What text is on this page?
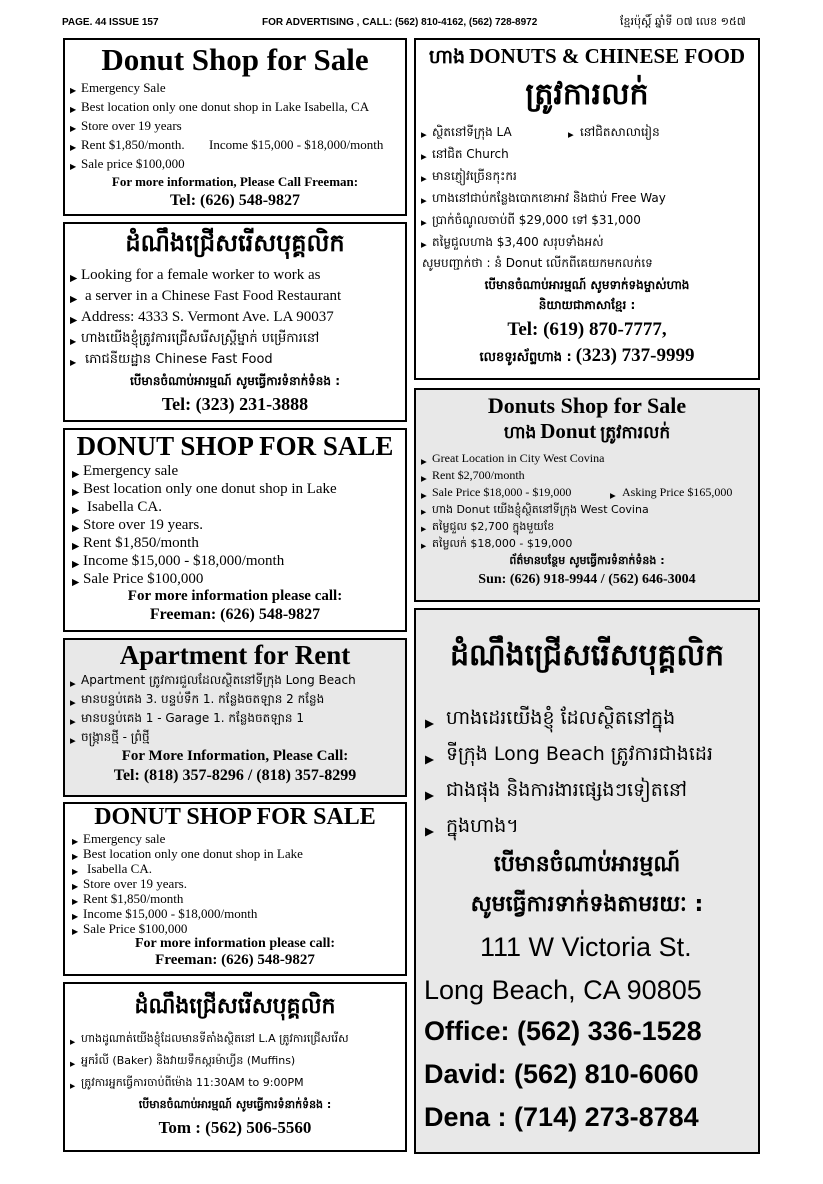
PAGE. 44 ISSUE 157	FOR ADVERTISING , CALL: (562) 810-4162, (562) 728-8972	ខ្មែរប៉ុស្ដិ៍ ឆ្នាំទី ០៧ លេខ ១៥៧
Donut Shop for Sale
▶ Emergency Sale
▶ Best location only one donut shop in Lake Isabella, CA
▶ Store over 19 years
▶ Rent $1,850/month. Income $15,000 - $18,000/month
▶ Sale price $100,000
For more information, Please Call Freeman:
Tel: (626) 548-9827
ដំណឹងជ្រើសរើសបុគ្គលិក
▶ Looking for a female worker to work as
▶ a server in a Chinese Fast Food Restaurant
▶ Address: 4333 S. Vermont Ave. LA 90037
▶ ហាងយើងខ្ញុំត្រូវការជ្រើសរើសស្ត្រីម្នាក់ បម្រើការនៅ
▶ ភោជនីយដ្ឋាន Chinese Fast Food
បើមានចំណាប់អារម្មណ៍ សូមធ្វើការទំនាក់ទំនង :
Tel: (323) 231-3888
DONUT SHOP FOR SALE
▶ Emergency sale
▶ Best location only one donut shop in Lake
▶ Isabella CA.
▶ Store over 19 years.
▶ Rent $1,850/month
▶ Income $15,000 - $18,000/month
▶ Sale Price $100,000
For more information please call:
Freeman: (626) 548-9827
Apartment for Rent
▶ Apartment ត្រូវការជួលដែលស្ថិតនៅទីក្រុង Long Beach
▶ មានបន្ទប់គេង 3. បន្ទប់ទឹក 1. កន្លែងចតឡាន 2 កន្លែង
▶ មានបន្ទប់គេង 1 - Garage 1. កន្លែងចតឡាន 1
▶ ចង្ក្រានថ្មី - ព្រំថ្មី
For More Information, Please Call:
Tel: (818) 357-8296 / (818) 357-8299
DONUT SHOP FOR SALE
▶ Emergency sale
▶ Best location only one donut shop in Lake
▶ Isabella CA.
▶ Store over 19 years.
▶ Rent $1,850/month
▶ Income $15,000 - $18,000/month
▶ Sale Price $100,000
For more information please call:
Freeman: (626) 548-9827
ដំណឹងជ្រើសរើសបុគ្គលិក
▶ ហាងដូណាត់យើងខ្ញុំដែលមានទីតាំងស្ថិតនៅ L.A ត្រូវការជ្រើសរើស
▶ អ្នករំលី (Baker) និងវាយទឹកស្ករម៉ាហ្វីន (Muffins)
▶ ត្រូវការអ្នកធ្វើការចាប់ពីម៉ោង 11:30AM to 9:00PM
បើមានចំណាប់អារម្មណ៍ សូមធ្វើការទំនាក់ទំនង :
Tom : (562) 506-5560
ហាង DONUTS & CHINESE FOOD
ត្រូវការលក់
▶ ស្ថិតនៅទីក្រុង LA	▶ នៅជិតសាលារៀន
▶ នៅជិត Church
▶ មានភ្ញៀវច្រើនកុះករ
▶ ហាងនៅជាប់កន្លែងបោកខោអាវ និងជាប់ Free Way
▶ ប្រាក់ចំណូលចាប់ពី $29,000 ទៅ $31,000
▶ តម្លៃជួលហាង $3,400 សរុបទាំងអស់
សូមបញ្ជាក់ថា : នំ Donut លើកពីគេយកមកលក់ទេ
បើមានចំណាប់អារម្មណ៍ សូមទាក់ទងម្ចាស់ហាង
និយាយជាភាសាខ្មែរ :
Tel: (619) 870-7777,
លេខទូរស័ព្ទហាង : (323) 737-9999
Donuts Shop for Sale
ហាង Donut ត្រូវការលក់
▶ Great Location in City West Covina
▶ Rent $2,700/month
▶ Sale Price $18,000 - $19,000	▶ Asking Price $165,000
▶ ហាង Donut យើងខ្ញុំស្ថិតនៅទីក្រុង West Covina
▶ តម្លៃជួល $2,700 ក្នុងមួយខែ
▶ តម្លៃលក់ $18,000 - $19,000
ព័ត៌មានបន្ថែម សូមធ្វើការទំនាក់ទំនង :
Sun: (626) 918-9944 / (562) 646-3004
ដំណឹងជ្រើសរើសបុគ្គលិក
▶ ហាងដេរយើងខ្ញុំ ដែលស្ថិតនៅក្នុង
▶ ទីក្រុង Long Beach ត្រូវការជាងដេរ
▶ ជាងផុង និងការងារផ្សេងៗទៀតនៅ
▶ ក្នុងហាង។
បើមានចំណាប់អារម្មណ៍
សូមធ្វើការទាក់ទងតាមរយៈ :
111 W Victoria St.
Long Beach, CA 90805
Office: (562) 336-1528
David: (562) 810-6060
Dena : (714) 273-8784
